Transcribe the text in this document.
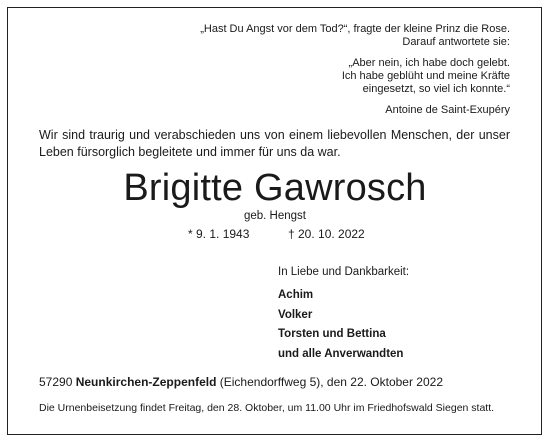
„Hast Du Angst vor dem Tod?“, fragte der kleine Prinz die Rose.
Darauf antwortete sie:
„Aber nein, ich habe doch gelebt.
Ich habe geblüht und meine Kräfte
eingesetzt, so viel ich konnte.“
Antoine de Saint-Exupéry
Wir sind traurig und verabschieden uns von einem liebevollen Menschen, der unser Leben fürsorglich begleitete und immer für uns da war.
Brigitte Gawrosch
geb. Hengst
* 9. 1. 1943	† 20. 10. 2022
In Liebe und Dankbarkeit:
Achim
Volker
Torsten und Bettina
und alle Anverwandten
57290 Neunkirchen-Zeppenfeld (Eichendorffweg 5), den 22. Oktober 2022
Die Urnenbeisetzung findet Freitag, den 28. Oktober, um 11.00 Uhr im Friedhofswald Siegen statt.
